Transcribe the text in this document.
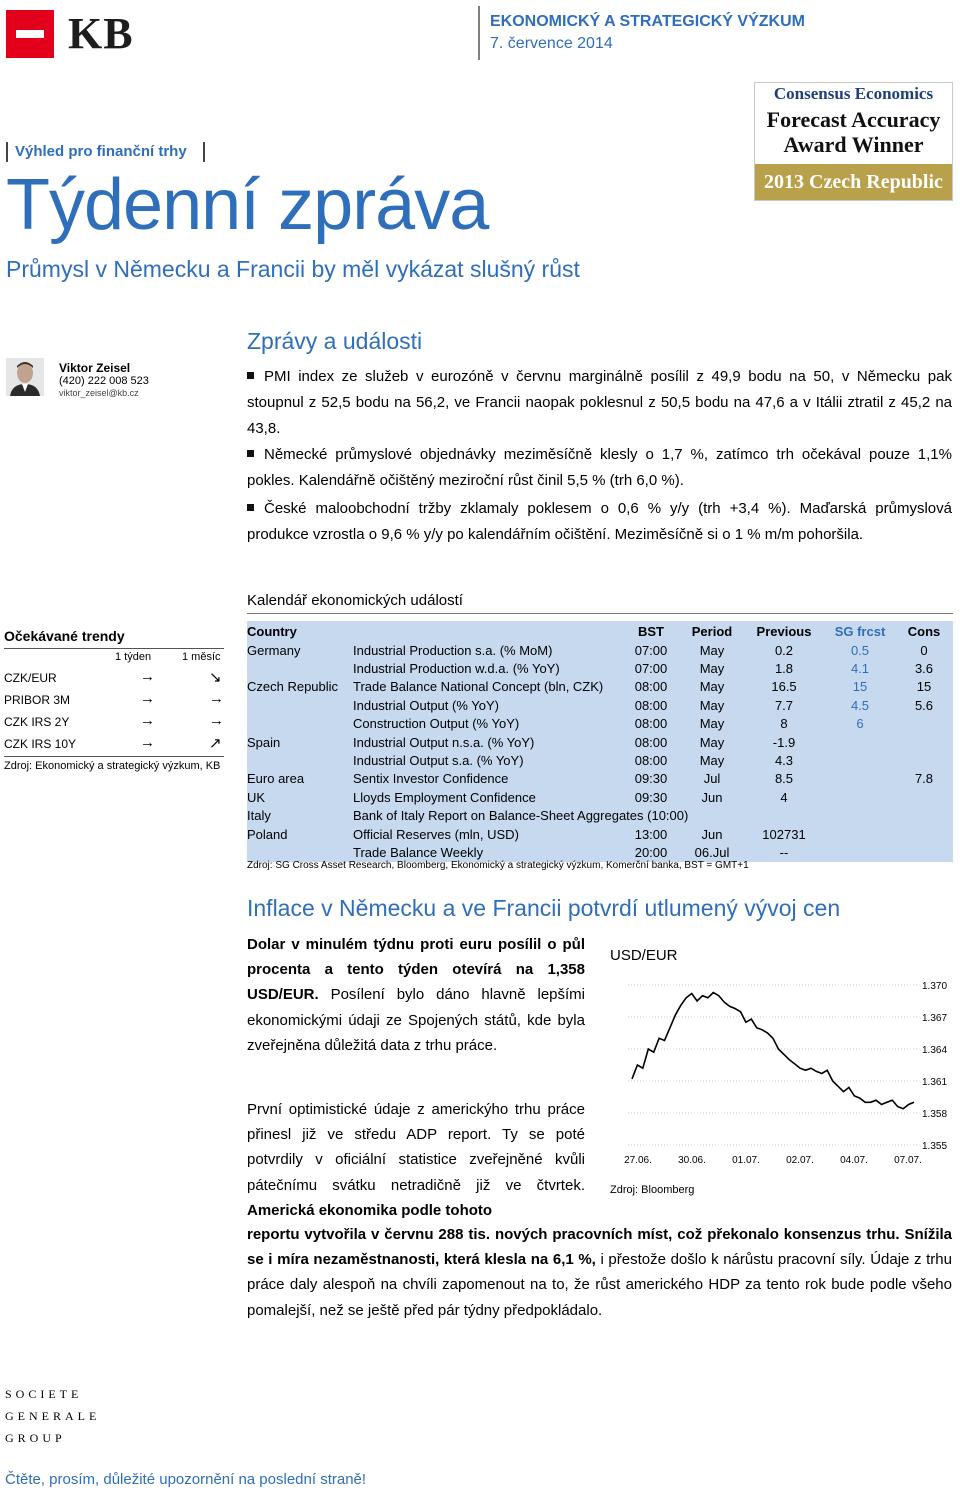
KB	EKONOMICKÝ A STRATEGICKÝ VÝZKUM
7. července 2014
Consensus Economics
Forecast Accuracy
Award Winner
2013 Czech Republic
Výhled pro finanční trhy
Týdenní zpráva
Průmysl v Německu a Francii by měl vykázat slušný růst
Viktor Zeisel
(420) 222 008 523
viktor_zeisel@kb.cz
Zprávy a události
PMI index ze služeb v eurozóně v červnu marginálně posílil z 49,9 bodu na 50, v Německu pak stoupnul z 52,5 bodu na 56,2, ve Francii naopak poklesnul z 50,5 bodu na 47,6 a v Itálii ztratil z 45,2 na 43,8.
Německé průmyslové objednávky meziměsíčně klesly o 1,7 %, zatímco trh očekával pouze 1,1% pokles. Kalendářně očištěný meziroční růst činil 5,5 % (trh 6,0 %).
České maloobchodní tržby zklamaly poklesem o 0,6 % y/y (trh +3,4 %). Maďarská průmyslová produkce vzrostla o 9,6 % y/y po kalendářním očištění. Meziměsíčně si o 1 % m/m pohoršila.
Očekávané trendy
1 týden	1 měsíc
CZK/EUR	→	↘
PRIBOR 3M	→	→
CZK IRS 2Y	→	→
CZK IRS 10Y	→	↗
Zdroj: Ekonomický a strategický výzkum, KB
Kalendář ekonomických událostí
Country		BST	Period	Previous	SG frcst	Cons
Germany	Industrial Production s.a. (% MoM)	07:00	May	0.2	0.5	0
	Industrial Production w.d.a. (% YoY)	07:00	May	1.8	4.1	3.6
Czech Republic	Trade Balance National Concept (bln, CZK)	08:00	May	16.5	15	15
	Industrial Output (% YoY)	08:00	May	7.7	4.5	5.6
	Construction Output (% YoY)	08:00	May	8	6	
Spain	Industrial Output n.s.a. (% YoY)	08:00	May	-1.9		
	Industrial Output s.a. (% YoY)	08:00	May	4.3		
Euro area	Sentix Investor Confidence	09:30	Jul	8.5		7.8
UK	Lloyds Employment Confidence	09:30	Jun	4		
Italy	Bank of Italy Report on Balance-Sheet Aggregates (10:00)					
Poland	Official Reserves (mln, USD)	13:00	Jun	102731		
	Trade Balance Weekly	20:00	06.Jul	--		
Zdroj: SG Cross Asset Research, Bloomberg, Ekonomický a strategický výzkum, Komerční banka, BST = GMT+1
Inflace v Německu a ve Francii potvrdí utlumený vývoj cen
Dolar v minulém týdnu proti euru posílil o půl procenta a tento týden otevírá na 1,358 USD/EUR. Posílení bylo dáno hlavně lepšími ekonomickými údaji ze Spojených států, kde byla zveřejněna důležitá data z trhu práce.
První optimistické údaje z americkýho trhu práce přinesl již ve středu ADP report. Ty se poté potvrdily v oficiální statistice zveřejněné kvůli pátečnímu svátku netradičně již ve čtvrtek. Americká ekonomika podle tohoto
reportu vytvořila v červnu 288 tis. nových pracovních míst, což překonalo konsenzus trhu. Snížila se i míra nezaměstnanosti, která klesla na 6,1 %, i přestože došlo k nárůstu pracovní síly. Údaje z trhu práce daly alespoň na chvíli zapomenout na to, že růst amerického HDP za tento rok bude podle všeho pomalejší, než se ještě před pár týdny předpokládalo.
USD/EUR
1.370
1.367
1.364
1.361
1.358
1.355
27.06.	30.06.	01.07.	02.07.	04.07.	07.07.
Zdroj: Bloomberg
SOCIETE
GENERALE
GROUP
Čtěte, prosím, důležité upozornění na poslední straně!
